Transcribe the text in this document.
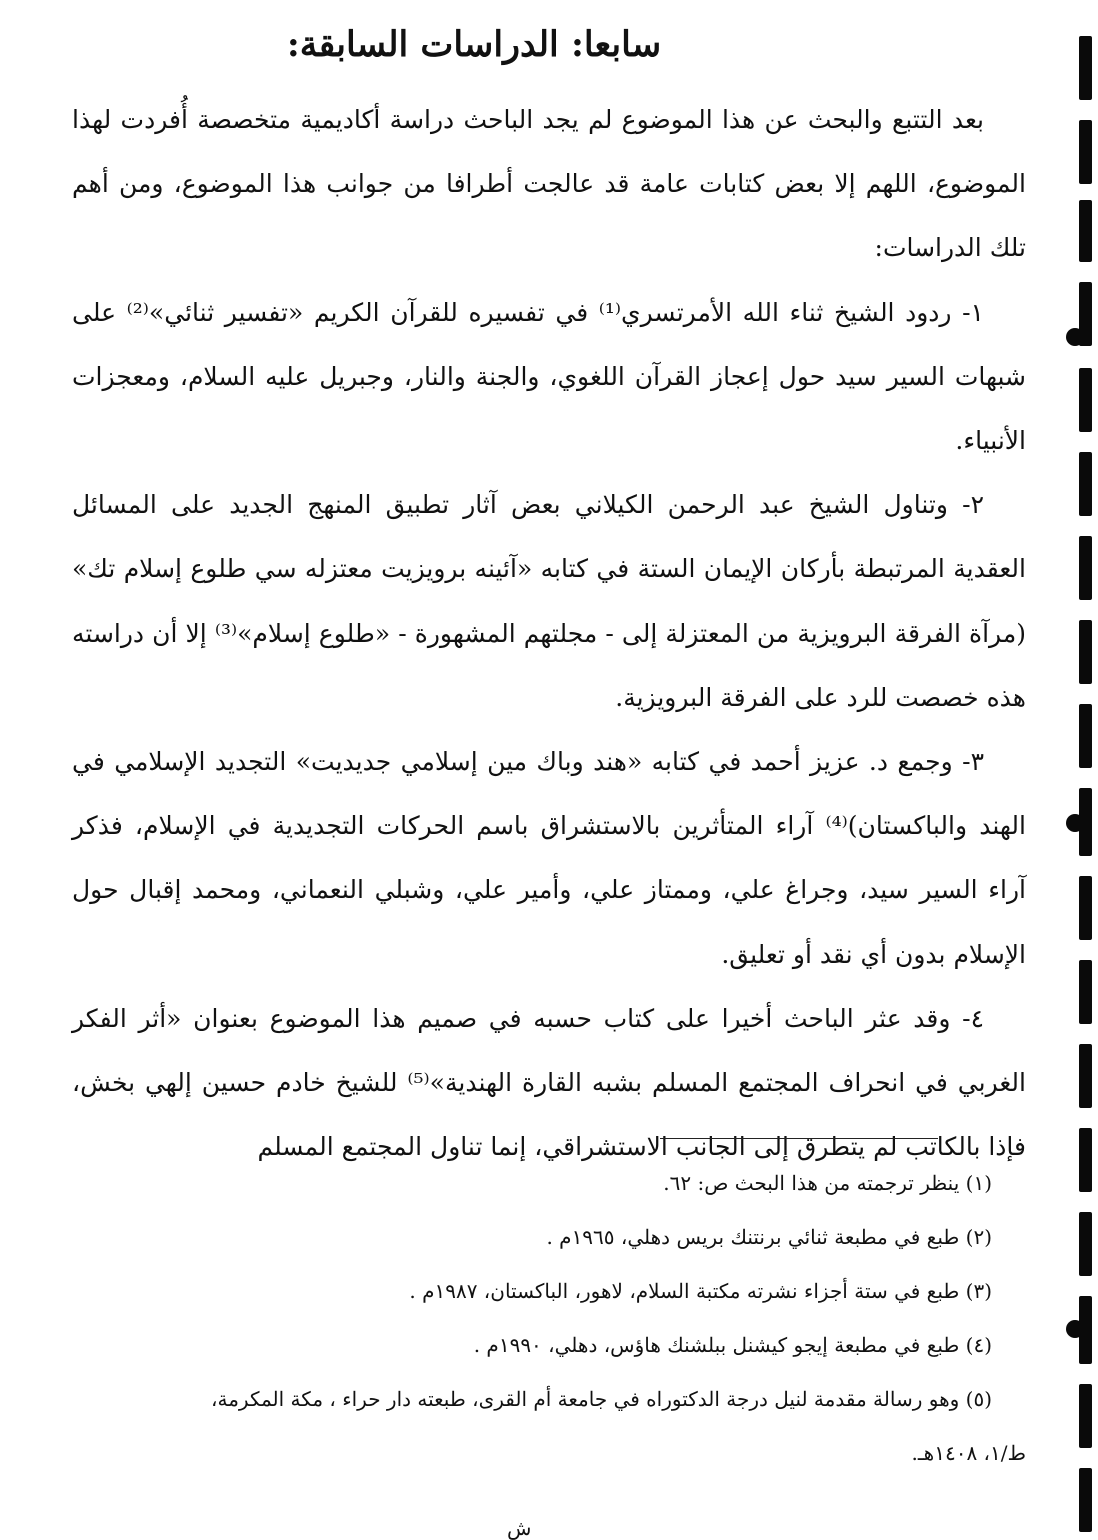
سابعا: الدراسات السابقة:

بعد التتبع والبحث عن هذا الموضوع لم يجد الباحث دراسة أكاديمية متخصصة أُفردت لهذا الموضوع، اللهم إلا بعض كتابات عامة قد عالجت أطرافا من جوانب هذا الموضوع، ومن أهم تلك الدراسات:

١- ردود الشيخ ثناء الله الأمرتسري⁽¹⁾ في تفسيره للقرآن الكريم «تفسير ثنائي»⁽²⁾ على شبهات السير سيد حول إعجاز القرآن اللغوي، والجنة والنار، وجبريل عليه السلام، ومعجزات الأنبياء.

٢- وتناول الشيخ عبد الرحمن الكيلاني بعض آثار تطبيق المنهج الجديد على المسائل العقدية المرتبطة بأركان الإيمان الستة في كتابه «آئينه برويزيت معتزله سي طلوع إسلام تك» (مرآة الفرقة البرويزية من المعتزلة إلى - مجلتهم المشهورة - «طلوع إسلام»⁽³⁾ إلا أن دراسته هذه خصصت للرد على الفرقة البرويزية.

٣- وجمع د. عزيز أحمد في كتابه «هند وباك مين إسلامي جديديت» التجديد الإسلامي في الهند والباكستان)⁽⁴⁾ آراء المتأثرين بالاستشراق باسم الحركات التجديدية في الإسلام، فذكر آراء السير سيد، وجراغ علي، وممتاز علي، وأمير علي، وشبلي النعماني، ومحمد إقبال حول الإسلام بدون أي نقد أو تعليق.

٤- وقد عثر الباحث أخيرا على كتاب حسبه في صميم هذا الموضوع بعنوان «أثر الفكر الغربي في انحراف المجتمع المسلم بشبه القارة الهندية»⁽⁵⁾ للشيخ خادم حسين إلهي بخش، فإذا بالكاتب لم يتطرق إلى الجانب الاستشراقي، إنما تناول المجتمع المسلم

(١) ينظر ترجمته من هذا البحث ص: ٦٢.

(٢) طبع في مطبعة ثنائي برنتنك بريس دهلي، ١٩٦٥م .

(٣) طبع في ستة أجزاء نشرته مكتبة السلام، لاهور، الباكستان، ١٩٨٧م .

(٤) طبع في مطبعة إيجو كيشنل ببلشنك هاؤس، دهلي، ١٩٩٠م .

(٥) وهو رسالة مقدمة لنيل درجة الدكتوراه في جامعة أم القرى، طبعته دار حراء ، مكة المكرمة،

ط/١، ١٤٠٨هـ.

ش
